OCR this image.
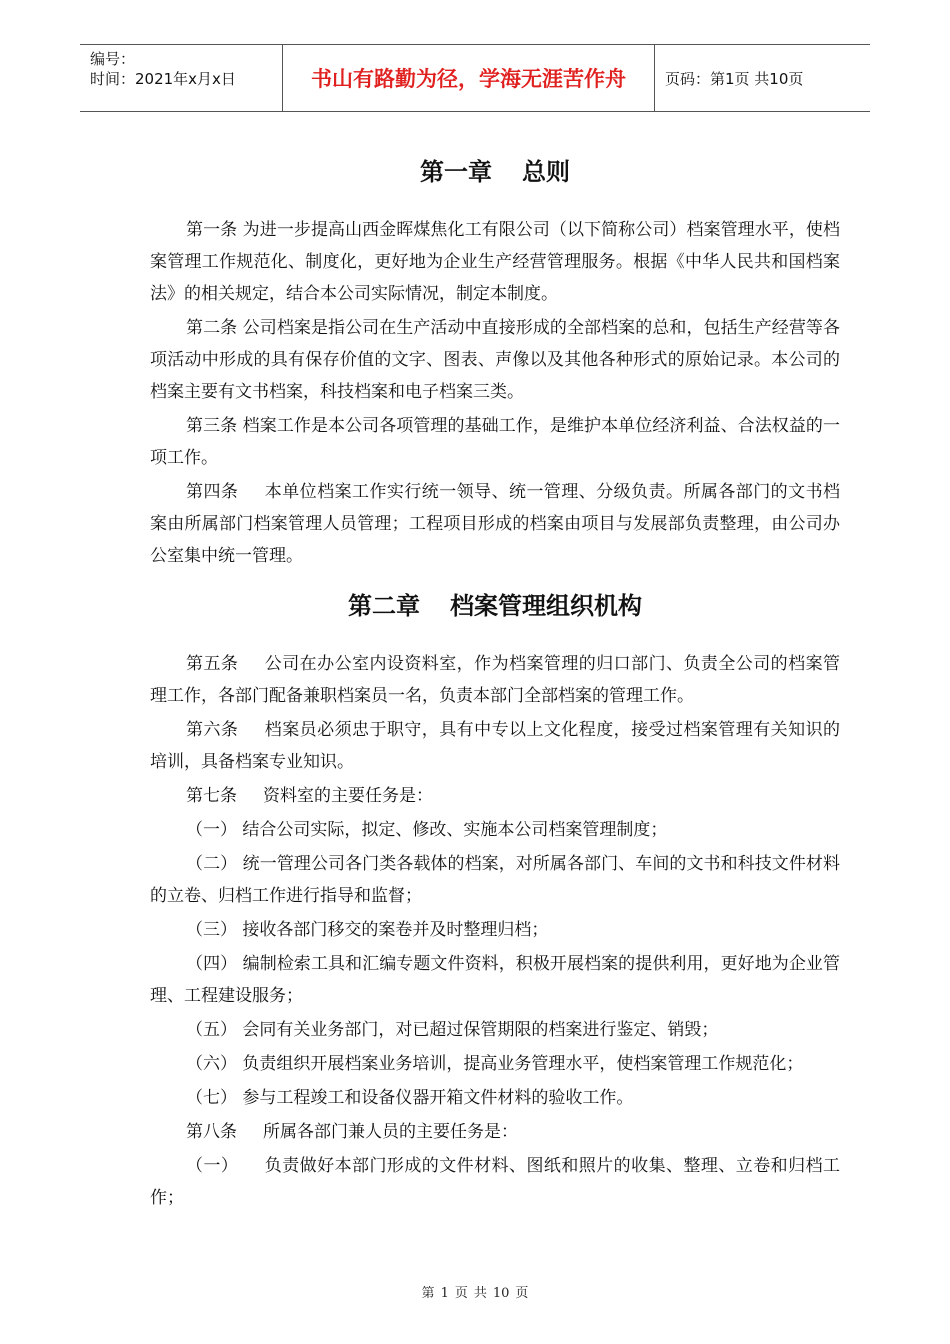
编号：
时间：2021年x月x日	书山有路勤为径，学海无涯苦作舟	页码：第1页 共10页
第一章 总则

第一条 为进一步提高山西金晖煤焦化工有限公司（以下简称公司）档案管理水平，使档案管理工作规范化、制度化，更好地为企业生产经营管理服务。根据《中华人民共和国档案法》的相关规定，结合本公司实际情况，制定本制度。

第二条 公司档案是指公司在生产活动中直接形成的全部档案的总和，包括生产经营等各项活动中形成的具有保存价值的文字、图表、声像以及其他各种形式的原始记录。本公司的档案主要有文书档案，科技档案和电子档案三类。

第三条 档案工作是本公司各项管理的基础工作，是维护本单位经济利益、合法权益的一项工作。

第四条 本单位档案工作实行统一领导、统一管理、分级负责。所属各部门的文书档案由所属部门档案管理人员管理；工程项目形成的档案由项目与发展部负责整理，由公司办公室集中统一管理。

第二章 档案管理组织机构

第五条 公司在办公室内设资料室，作为档案管理的归口部门、负责全公司的档案管理工作，各部门配备兼职档案员一名，负责本部门全部档案的管理工作。

第六条 档案员必须忠于职守，具有中专以上文化程度，接受过档案管理有关知识的培训，具备档案专业知识。

第七条 资料室的主要任务是：

（一） 结合公司实际，拟定、修改、实施本公司档案管理制度；

（二） 统一管理公司各门类各载体的档案，对所属各部门、车间的文书和科技文件材料的立卷、归档工作进行指导和监督；

（三） 接收各部门移交的案卷并及时整理归档；

（四） 编制检索工具和汇编专题文件资料，积极开展档案的提供利用，更好地为企业管理、工程建设服务；

（五） 会同有关业务部门，对已超过保管期限的档案进行鉴定、销毁；

（六） 负责组织开展档案业务培训，提高业务管理水平，使档案管理工作规范化；

（七） 参与工程竣工和设备仪器开箱文件材料的验收工作。

第八条 所属各部门兼人员的主要任务是：

（一） 负责做好本部门形成的文件材料、图纸和照片的收集、整理、立卷和归档工作；

第 1 页 共 10 页
